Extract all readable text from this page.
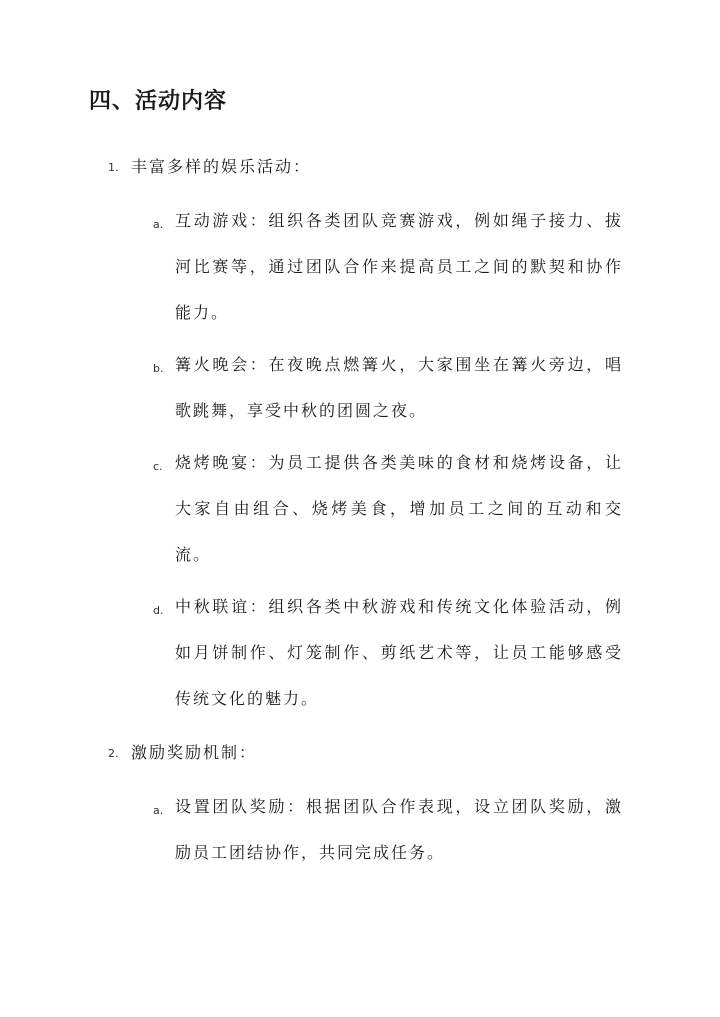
四、活动内容
1. 丰富多样的娱乐活动：
a. 互动游戏：组织各类团队竞赛游戏，例如绳子接力、拔河比赛等，通过团队合作来提高员工之间的默契和协作能力。
b. 篝火晚会：在夜晚点燃篝火，大家围坐在篝火旁边，唱歌跳舞，享受中秋的团圆之夜。
c. 烧烤晚宴：为员工提供各类美味的食材和烧烤设备，让大家自由组合、烧烤美食，增加员工之间的互动和交流。
d. 中秋联谊：组织各类中秋游戏和传统文化体验活动，例如月饼制作、灯笼制作、剪纸艺术等，让员工能够感受传统文化的魅力。
2. 激励奖励机制：
a. 设置团队奖励：根据团队合作表现，设立团队奖励，激励员工团结协作，共同完成任务。
